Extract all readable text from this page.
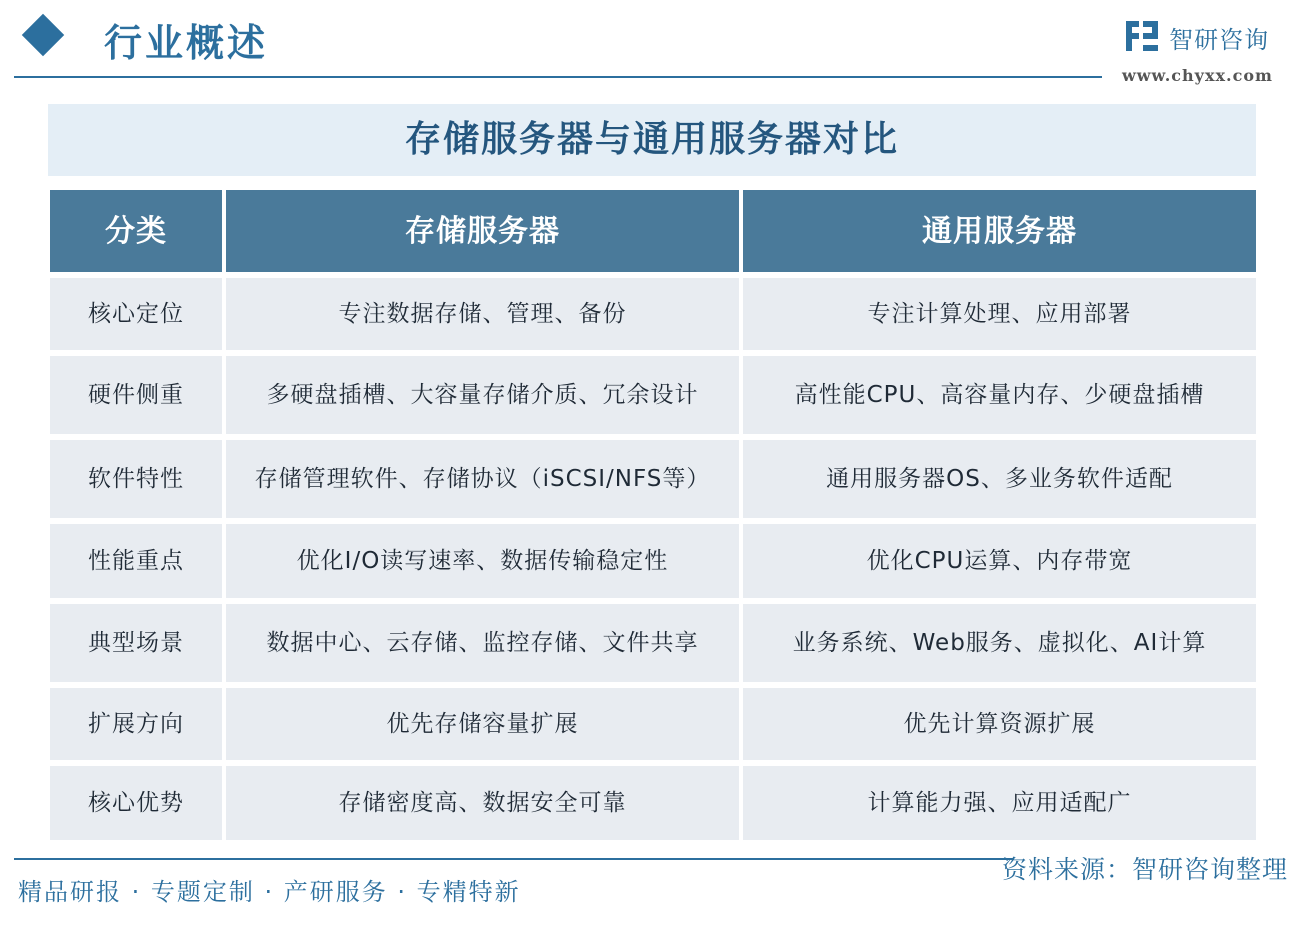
行业概述	智研咨询
www.chyxx.com
存储服务器与通用服务器对比
分类	存储服务器	通用服务器
核心定位	专注数据存储、管理、备份	专注计算处理、应用部署
硬件侧重	多硬盘插槽、大容量存储介质、冗余设计	高性能CPU、高容量内存、少硬盘插槽
软件特性	存储管理软件、存储协议（iSCSI/NFS等）	通用服务器OS、多业务软件适配
性能重点	优化I/O读写速率、数据传输稳定性	优化CPU运算、内存带宽
典型场景	数据中心、云存储、监控存储、文件共享	业务系统、Web服务、虚拟化、AI计算
扩展方向	优先存储容量扩展	优先计算资源扩展
核心优势	存储密度高、数据安全可靠	计算能力强、应用适配广
精品研报 · 专题定制 · 产研服务 · 专精特新
资料来源：智研咨询整理
